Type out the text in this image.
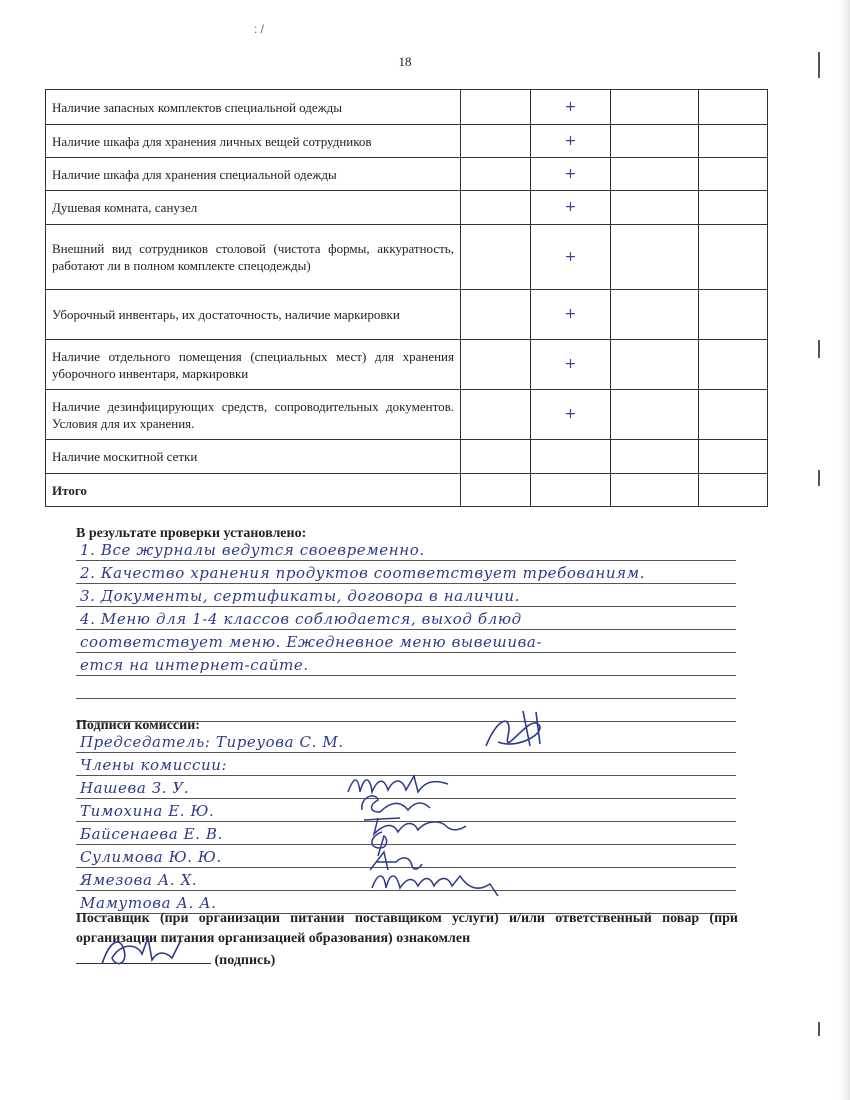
: /
18
Наличие запасных комплектов специальной одежды		+		
Наличие шкафа для хранения личных вещей сотрудников		+		
Наличие шкафа для хранения специальной одежды		+		
Душевая комната, санузел		+		
Внешний вид сотрудников столовой (чистота формы, аккуратность, работают ли в полном комплекте спецодежды)		+		
Уборочный инвентарь, их достаточность, наличие маркировки		+		
Наличие отдельного помещения (специальных мест) для хранения уборочного инвентаря, маркировки		+		
Наличие дезинфицирующих средств, сопроводительных документов. Условия для их хранения.		+		
Наличие москитной сетки				
Итого				
В результате проверки установлено:
1. Все журналы ведутся своевременно.
2. Качество хранения продуктов соответствует требованиям.
3. Документы, сертификаты, договора в наличии.
4. Меню для 1-4 классов соблюдается, выход блюд
соответствует меню. Ежедневное меню вывешива-
ется на интернет-сайте.
Подписи комиссии:
Председатель: Тиреуова С. М.
Члены комиссии:
Нашева З. У.
Тимохина Е. Ю.
Байсенаева Е. В.
Сулимова Ю. Ю.
Ямезова А. Х.
Мамутова А. А.
Поставщик (при организации питании поставщиком услуги) и/или ответственный повар (при организации питания организацией образования) ознакомлен
(подпись)
